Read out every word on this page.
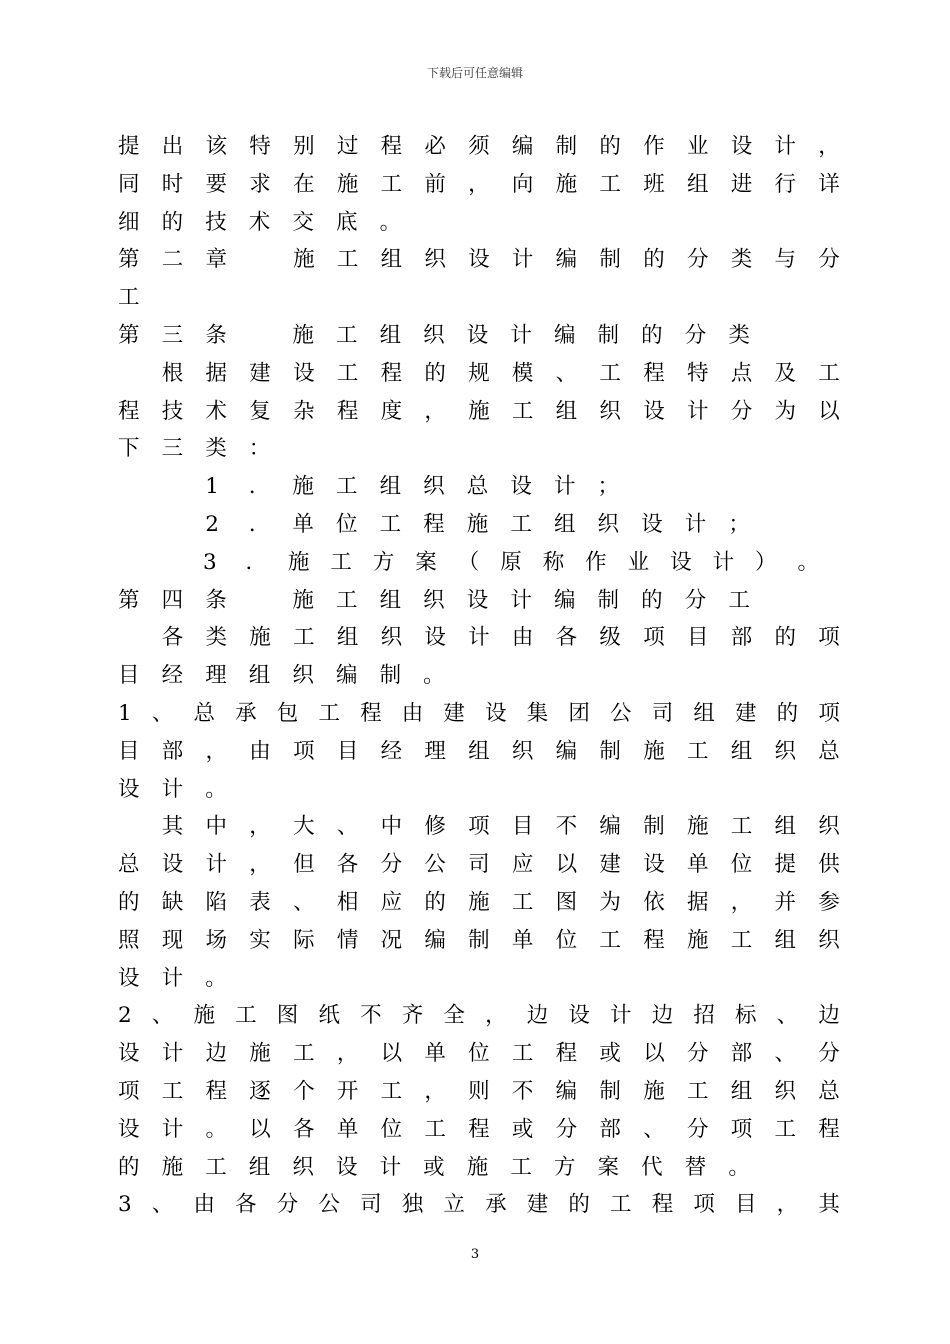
下载后可任意编辑
提 出 该 特 别 过 程 必 须 编 制 的 作 业 设 计 ，
同 时 要 求 在 施 工 前 ， 向 施 工 班 组 进 行 详
细	的	技	术	交	底	。
第 二 章
　	施 工 组 织 设 计 编 制 的 分 类 与 分
工
第	三	条
　	施	工	组	织	设	计	编	制	的	分	类

根 据 建 设 工 程 的 规 模 、 工 程 特 点 及 工
程 技 术 复 杂 程 度 ， 施 工 组 织 设 计 分 为 以
下	三	类	：

1	.	施	工	组	织	总	设	计	；

2	.	单	位	工	程	施	工	组	织	设	计	；

3	.	施 工 方 案 （ 原 称 作 业 设 计 ） 。
第	四	条
　	施	工	组	织	设	计	编	制	的	分	工

各 类 施 工 组 织 设 计 由 各 级 项 目 部 的 项
目	经	理	组	织	编	制	。
1 、 总 承 包 工 程 由 建 设 集 团 公 司 组 建 的 项
目 部 ， 由 项 目 经 理 组 织 编 制 施 工 组 织 总
设	计	。

其 中 ， 大 、 中 修 项 目 不 编 制 施 工 组 织
总 设 计 ， 但 各 分 公 司 应 以 建 设 单 位 提 供
的 缺 陷 表 、 相 应 的 施 工 图 为 依 据 ， 并 参
照 现 场 实 际 情 况 编 制 单 位 工 程 施 工 组 织
设	计	。
2 、 施 工 图 纸 不 齐 全 ， 边 设 计 边 招 标 、 边
设 计 边 施 工 ， 以 单 位 工 程 或 以 分 部 、 分
项 工 程 逐 个 开 工 ， 则 不 编 制 施 工 组 织 总
设 计 。 以 各 单 位 工 程 或 分 部 、 分 项 工 程
的	施	工	组	织	设	计	或	施	工	方	案	代	替	。
3 、 由 各 分 公 司 独 立 承 建 的 工 程 项 目 ， 其
3
